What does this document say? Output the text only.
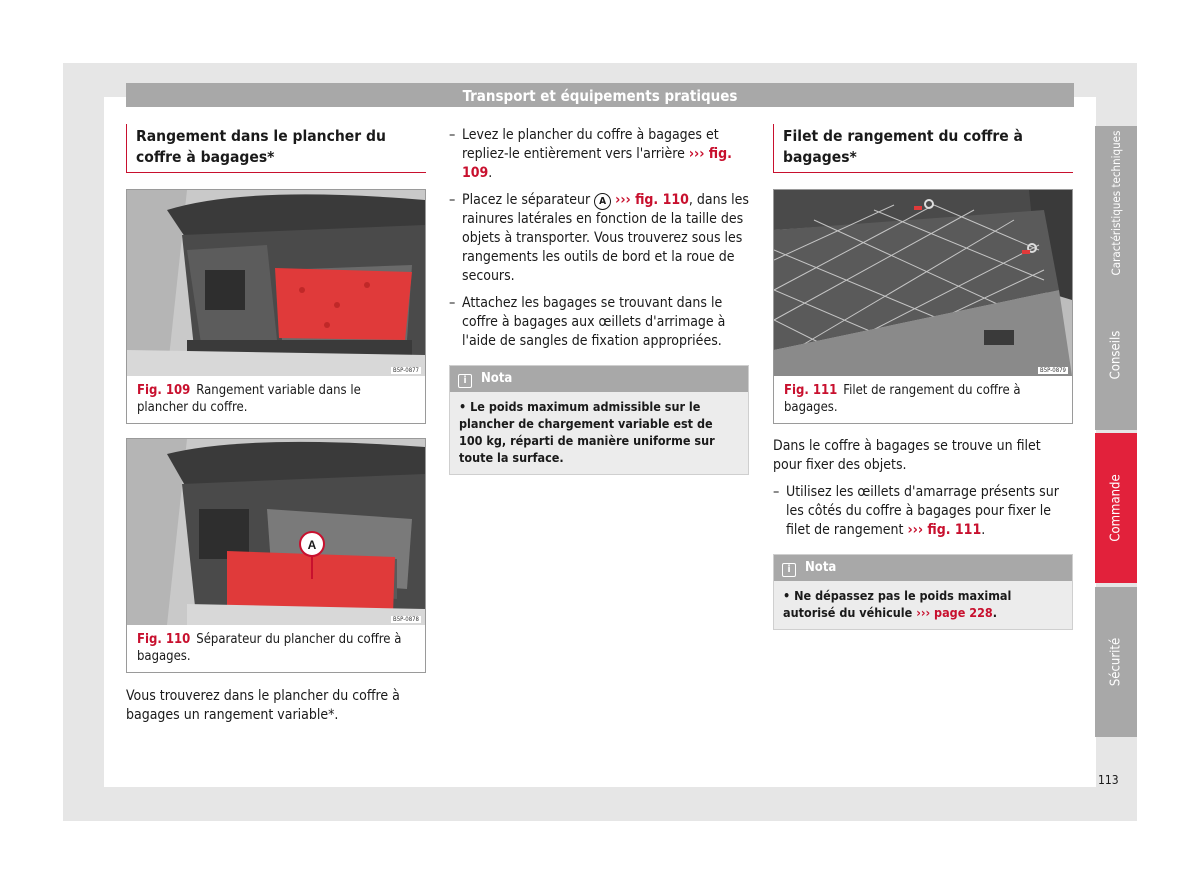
Transport et équipements pratiques
Rangement dans le plancher du coffre à bagages*
B5P-0877
Fig. 109 Rangement variable dans le plancher du coffre.
A
B5P-0878
Fig. 110 Séparateur du plancher du coffre à bagages.
Vous trouverez dans le plancher du coffre à bagages un rangement variable*.
– Levez le plancher du coffre à bagages et repliez-le entièrement vers l'arrière ››› fig. 109.
– Placez le séparateur A ››› fig. 110, dans les rainures latérales en fonction de la taille des objets à transporter. Vous trouverez sous les rangements les outils de bord et la roue de secours.
– Attachez les bagages se trouvant dans le coffre à bagages aux œillets d'arrimage à l'aide de sangles de fixation appropriées.
i Nota
• Le poids maximum admissible sur le plancher de chargement variable est de 100 kg, réparti de manière uniforme sur toute la surface.
Filet de rangement du coffre à bagages*
B5P-0879
Fig. 111 Filet de rangement du coffre à bagages.
Dans le coffre à bagages se trouve un filet pour fixer des objets.
– Utilisez les œillets d'amarrage présents sur les côtés du coffre à bagages pour fixer le filet de rangement ››› fig. 111.
i Nota
• Ne dépassez pas le poids maximal autorisé du véhicule ››› page 228.
Caractéristiques techniques
Conseils
Commande
Sécurité
113
